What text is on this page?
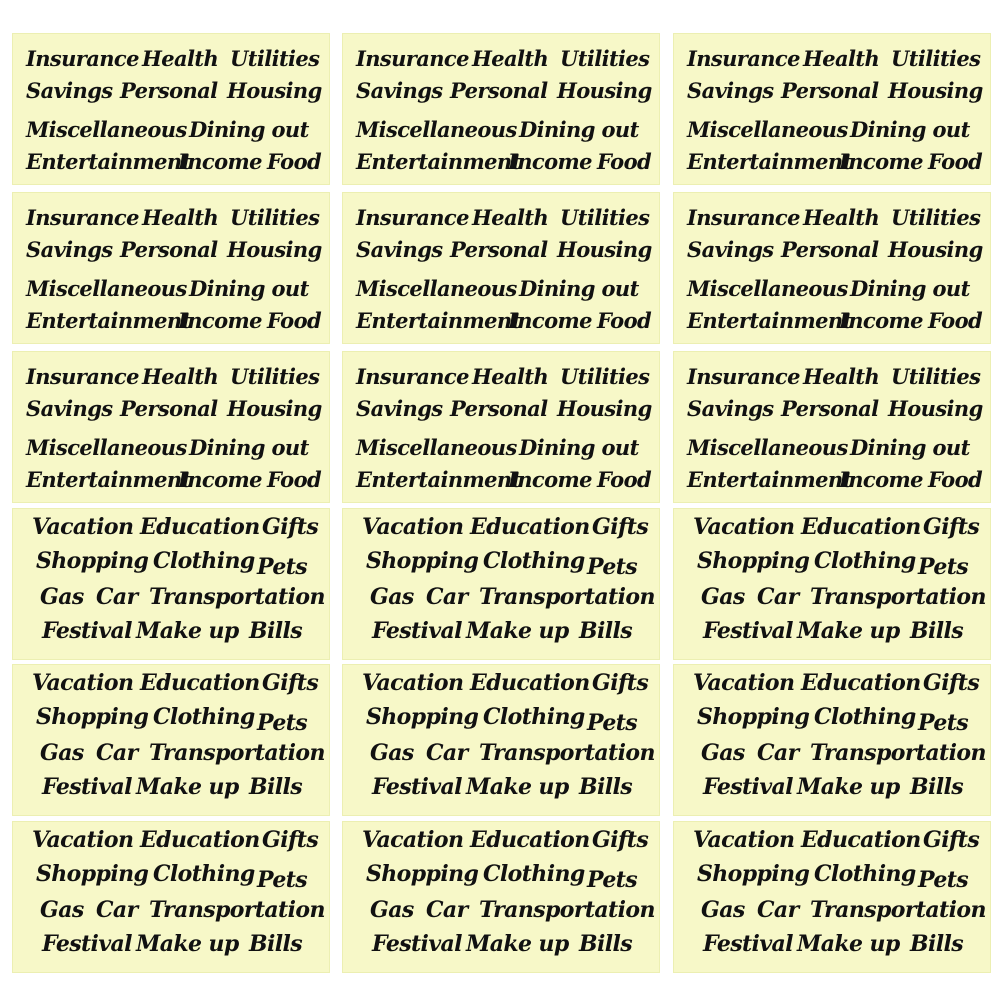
Insurance Health Utilities
Savings Personal Housing
Miscellaneous Dining out
Entertainment
Income Food
Insurance Health Utilities
Savings Personal Housing
Miscellaneous Dining out
Entertainment
Income Food
Insurance Health Utilities
Savings Personal Housing
Miscellaneous Dining out
Entertainment
Income Food
Insurance Health Utilities
Savings Personal Housing
Miscellaneous Dining out
Entertainment
Income Food
Insurance Health Utilities
Savings Personal Housing
Miscellaneous Dining out
Entertainment
Income Food
Insurance Health Utilities
Savings Personal Housing
Miscellaneous Dining out
Entertainment
Income Food
Insurance Health Utilities
Savings Personal Housing
Miscellaneous Dining out
Entertainment
Income Food
Insurance Health Utilities
Savings Personal Housing
Miscellaneous Dining out
Entertainment
Income Food
Insurance Health Utilities
Savings Personal Housing
Miscellaneous Dining out
Entertainment
Income Food
Vacation Education Gifts
Shopping Clothing Pets
Gas Car Transportation
Festival Make up Bills
Vacation Education Gifts
Shopping Clothing Pets
Gas Car Transportation
Festival Make up Bills
Vacation Education Gifts
Shopping Clothing Pets
Gas Car Transportation
Festival Make up Bills
Vacation Education Gifts
Shopping Clothing Pets
Gas Car Transportation
Festival Make up Bills
Vacation Education Gifts
Shopping Clothing Pets
Gas Car Transportation
Festival Make up Bills
Vacation Education Gifts
Shopping Clothing Pets
Gas Car Transportation
Festival Make up Bills
Vacation Education Gifts
Shopping Clothing Pets
Gas Car Transportation
Festival Make up Bills
Vacation Education Gifts
Shopping Clothing Pets
Gas Car Transportation
Festival Make up Bills
Vacation Education Gifts
Shopping Clothing Pets
Gas Car Transportation
Festival Make up Bills
